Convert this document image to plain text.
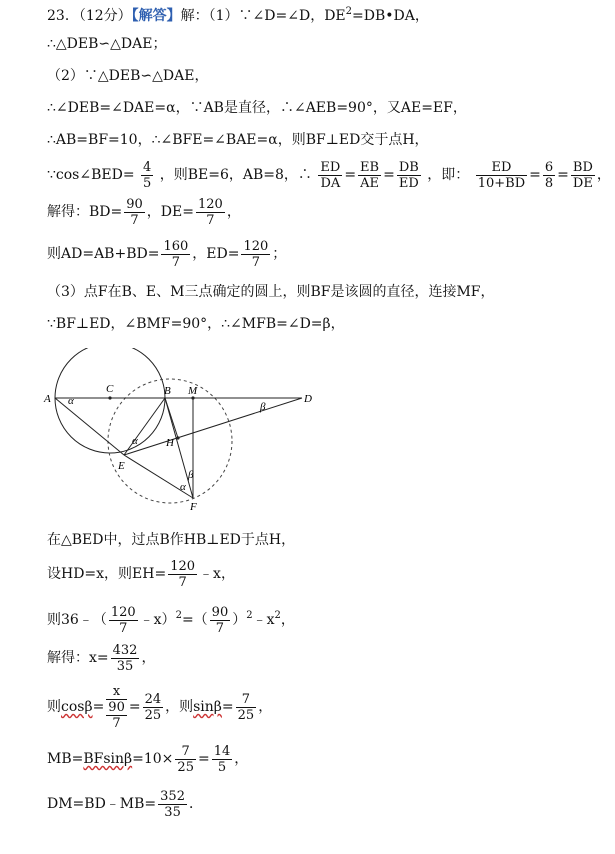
23．（12分）【解答】解：（1）∵∠D=∠D，$DE^2=DB•DA$，
∴△DEB∽△DAE；
（2）∵△DEB∽△DAE，
∴∠DEB=∠DAE=α，∵AB是直径，∴∠AEB=90°，又AE=EF，
∴AB=BF=10，∴∠BFE=∠BAE=α，则BF⊥ED交于点H，
∵cos∠BED= $\frac{4}{5}$ ，则BE=6，AB=8，∴ $\frac{ED}{DA} = \frac{EB}{AE} = \frac{DB}{ED}$ ，即： $\frac{ED}{10+BD} = \frac{6}{8} = \frac{BD}{DE}$ ，
解得：$BD= \frac{90}{7}$ ，$DE= \frac{120}{7}$ ，
则$AD=AB+BD= \frac{160}{7}$ ，$ED= \frac{120}{7}$ ；
（3）点F在B、E、M三点确定的圆上，则BF是该圆的直径，连接MF，
∵BF⊥ED，∠BMF=90°，∴∠MFB=∠D=β，
A
C	B M
D
E
H
F
α
α
α
β
β
在△BED中，过点B作HB⊥ED于点H，
设HD=x，则$EH= \frac{120}{7}$ ﹣x，
则36﹣（ $\frac{120}{7}$ ﹣x）$^2$=（ $\frac{90}{7}$ ）$^2﹣x^2$，
解得：$x= \frac{432}{35}$ ，
则cosβ=
x
90
7
= $\frac{24}{25}$ ，则$\sin\beta= \frac{7}{25}$ ，
$MB=BFsin\beta=10\times \frac{7}{25} = \frac{14}{5}$ ，
DM=BD﹣MB= $\frac{352}{35}$ ．
